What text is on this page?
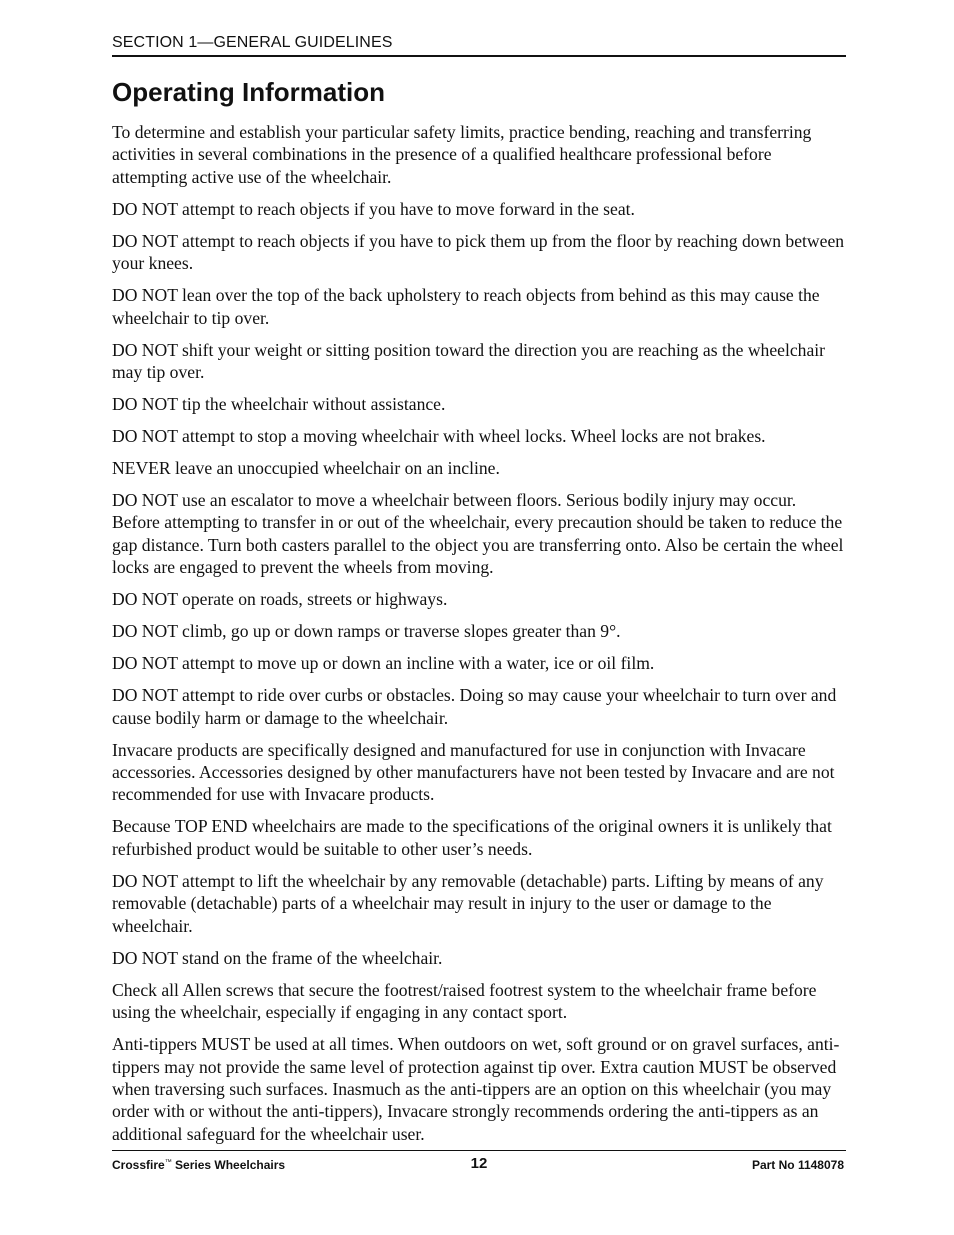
SECTION 1—GENERAL GUIDELINES
Operating Information

To determine and establish your particular safety limits, practice bending, reaching and transferring activities in several combinations in the presence of a qualified healthcare professional before attempting active use of the wheelchair.

DO NOT attempt to reach objects if you have to move forward in the seat.

DO NOT attempt to reach objects if you have to pick them up from the floor by reaching down between your knees.

DO NOT lean over the top of the back upholstery to reach objects from behind as this may cause the wheelchair to tip over.

DO NOT shift your weight or sitting position toward the direction you are reaching as the wheelchair may tip over.

DO NOT tip the wheelchair without assistance.

DO NOT attempt to stop a moving wheelchair with wheel locks. Wheel locks are not brakes.

NEVER leave an unoccupied wheelchair on an incline.

DO NOT use an escalator to move a wheelchair between floors. Serious bodily injury may occur. Before attempting to transfer in or out of the wheelchair, every precaution should be taken to reduce the gap distance. Turn both casters parallel to the object you are transferring onto. Also be certain the wheel locks are engaged to prevent the wheels from moving.

DO NOT operate on roads, streets or highways.

DO NOT climb, go up or down ramps or traverse slopes greater than 9°.

DO NOT attempt to move up or down an incline with a water, ice or oil film.

DO NOT attempt to ride over curbs or obstacles. Doing so may cause your wheelchair to turn over and cause bodily harm or damage to the wheelchair.

Invacare products are specifically designed and manufactured for use in conjunction with Invacare accessories. Accessories designed by other manufacturers have not been tested by Invacare and are not recommended for use with Invacare products.

Because TOP END wheelchairs are made to the specifications of the original owners it is unlikely that refurbished product would be suitable to other user’s needs.

DO NOT attempt to lift the wheelchair by any removable (detachable) parts. Lifting by means of any removable (detachable) parts of a wheelchair may result in injury to the user or damage to the wheelchair.

DO NOT stand on the frame of the wheelchair.

Check all Allen screws that secure the footrest/raised footrest system to the wheelchair frame before using the wheelchair, especially if engaging in any contact sport.

Anti-tippers MUST be used at all times. When outdoors on wet, soft ground or on gravel surfaces, anti-tippers may not provide the same level of protection against tip over. Extra caution MUST be observed when traversing such surfaces. Inasmuch as the anti-tippers are an option on this wheelchair (you may order with or without the anti-tippers), Invacare strongly recommends ordering the anti-tippers as an additional safeguard for the wheelchair user.

Crossfire™ Series Wheelchairs	12	Part No 1148078
